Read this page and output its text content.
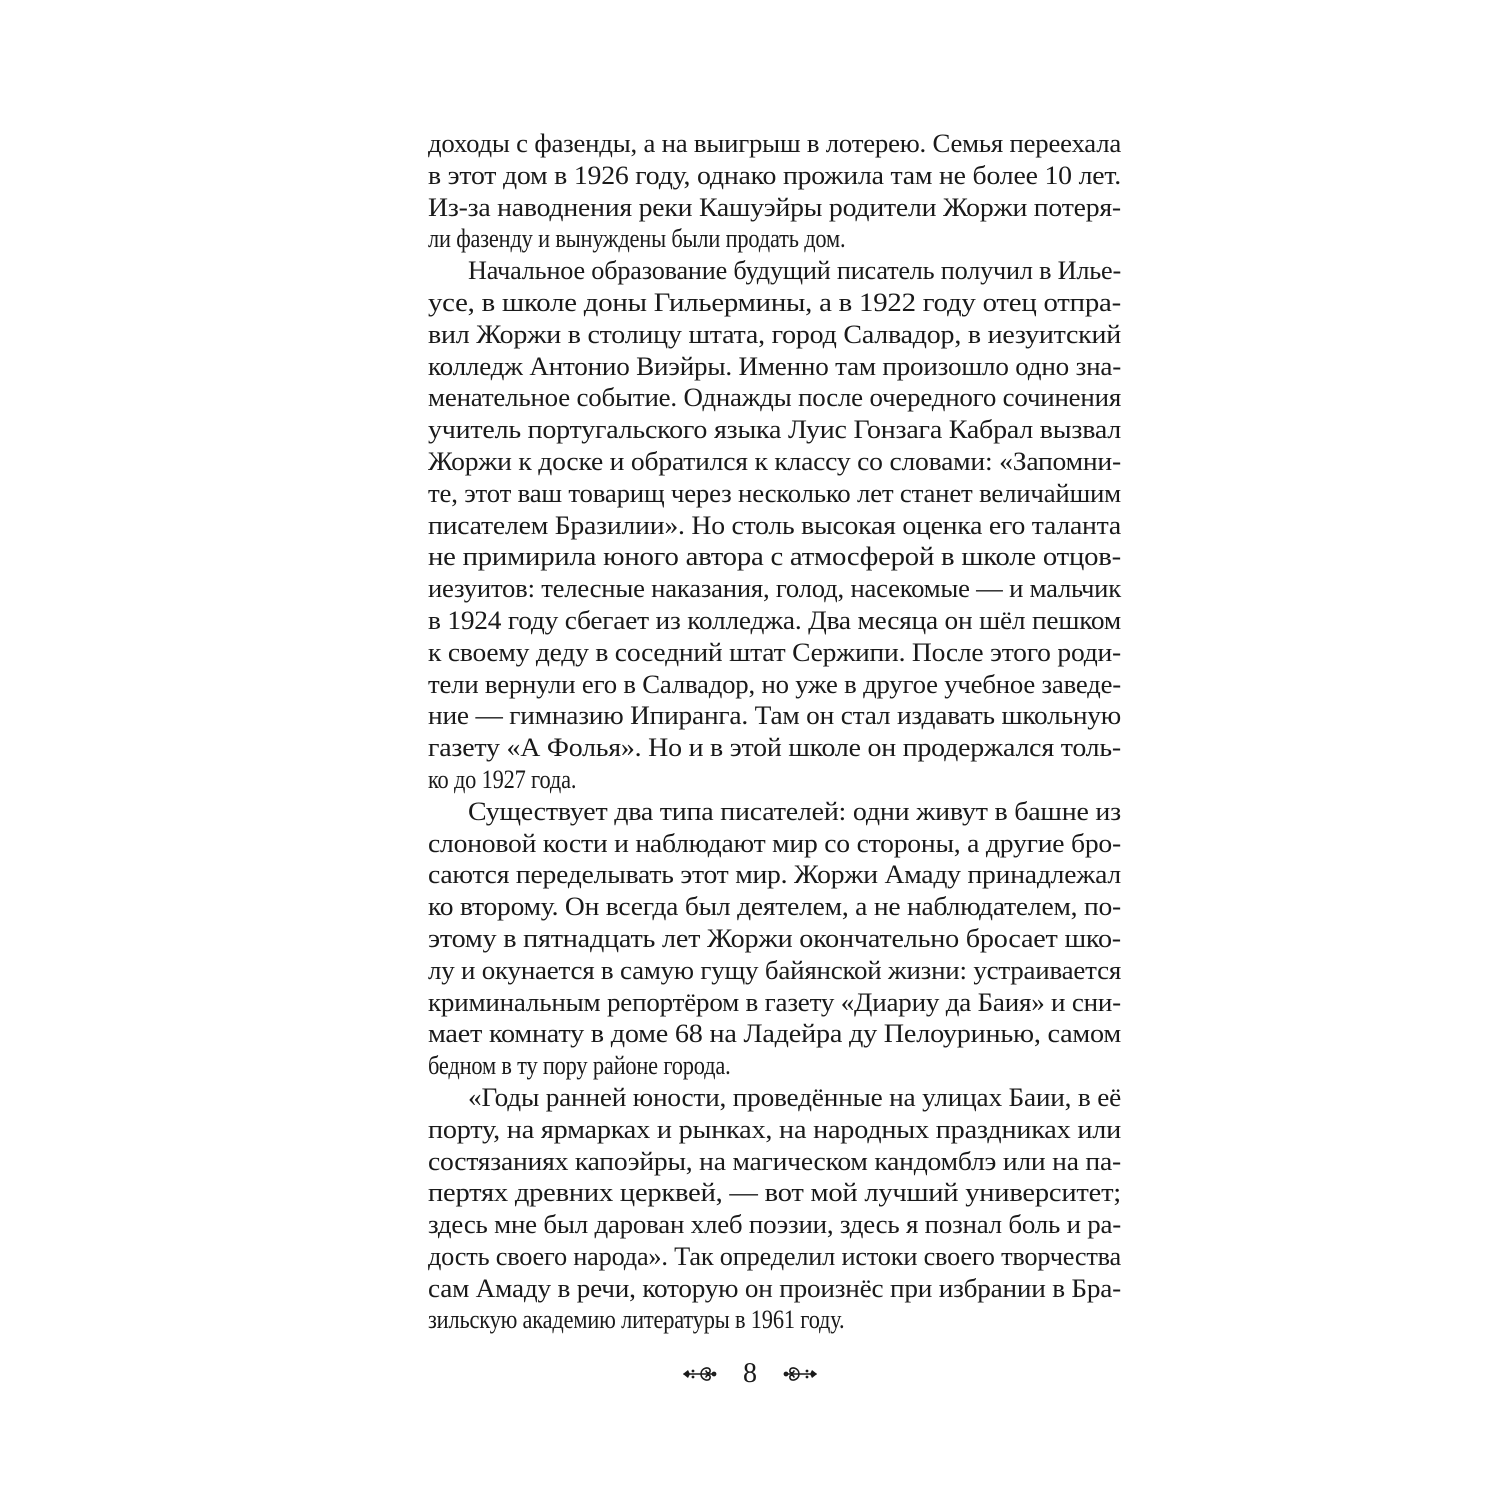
доходы с фазенды, а на выигрыш в лотерею. Семья переехала
в этот дом в 1926 году, однако прожила там не более 10 лет.
Из-за наводнения реки Кашуэйры родители Жоржи потеря-
ли фазенду и вынуждены были продать дом.
Начальное образование будущий писатель получил в Илье-
усе, в школе доны Гильермины, а в 1922 году отец отпра-
вил Жоржи в столицу штата, город Салвадор, в иезуитский
колледж Антонио Виэйры. Именно там произошло одно зна-
менательное событие. Однажды после очередного сочинения
учитель португальского языка Луис Гонзага Кабрал вызвал
Жоржи к доске и обратился к классу со словами: «Запомни-
те, этот ваш товарищ через несколько лет станет величайшим
писателем Бразилии». Но столь высокая оценка его таланта
не примирила юного автора с атмосферой в школе отцов-
иезуитов: телесные наказания, голод, насекомые — и мальчик
в 1924 году сбегает из колледжа. Два месяца он шёл пешком
к своему деду в соседний штат Сержипи. После этого роди-
тели вернули его в Салвадор, но уже в другое учебное заведе-
ние — гимназию Ипиранга. Там он стал издавать школьную
газету «А Фолья». Но и в этой школе он продержался толь-
ко до 1927 года.
Существует два типа писателей: одни живут в башне из
слоновой кости и наблюдают мир со стороны, а другие бро-
саются переделывать этот мир. Жоржи Амаду принадлежал
ко второму. Он всегда был деятелем, а не наблюдателем, по-
этому в пятнадцать лет Жоржи окончательно бросает шко-
лу и окунается в самую гущу байянской жизни: устраивается
криминальным репортёром в газету «Диариу да Баия» и сни-
мает комнату в доме 68 на Ладейра ду Пелоуринью, самом
бедном в ту пору районе города.
«Годы ранней юности, проведённые на улицах Баии, в её
порту, на ярмарках и рынках, на народных праздниках или
состязаниях капоэйры, на магическом кандомблэ или на па-
пертях древних церквей, — вот мой лучший университет;
здесь мне был дарован хлеб поэзии, здесь я познал боль и ра-
дость своего народа». Так определил истоки своего творчества
сам Амаду в речи, которую он произнёс при избрании в Бра-
зильскую академию литературы в 1961 году.
8
